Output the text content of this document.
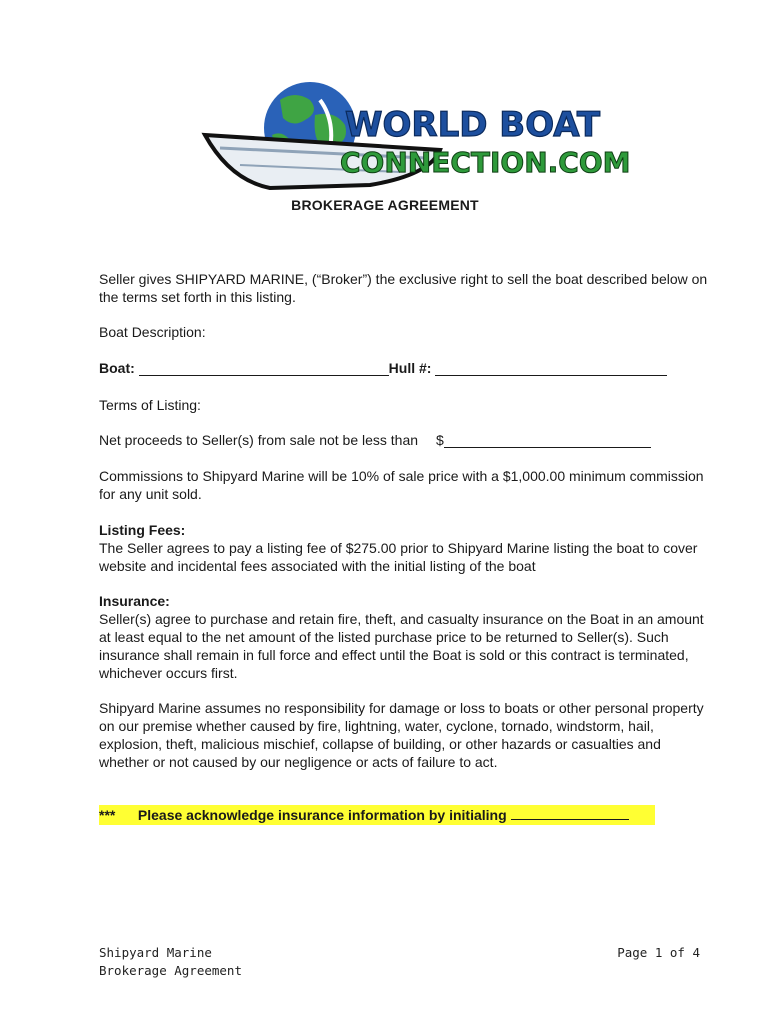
WORLD BOAT
CONNECTION.COM
BROKERAGE AGREEMENT

Seller gives SHIPYARD MARINE, (“Broker”) the exclusive right to sell the boat described below on the terms set forth in this listing.

Boat Description:

Boat:	Hull #:

Terms of Listing:

Net proceeds to Seller(s) from sale not be less than $

Commissions to Shipyard Marine will be 10% of sale price with a $1,000.00 minimum commission for any unit sold.

Listing Fees:
The Seller agrees to pay a listing fee of $275.00 prior to Shipyard Marine listing the boat to cover website and incidental fees associated with the initial listing of the boat

Insurance:
Seller(s) agree to purchase and retain fire, theft, and casualty insurance on the Boat in an amount at least equal to the net amount of the listed purchase price to be returned to Seller(s). Such insurance shall remain in full force and effect until the Boat is sold or this contract is terminated, whichever occurs first.

Shipyard Marine assumes no responsibility for damage or loss to boats or other personal property on our premise whether caused by fire, lightning, water, cyclone, tornado, windstorm, hail, explosion, theft, malicious mischief, collapse of building, or other hazards or casualties and whether or not caused by our negligence or acts of failure to act.

*** Please acknowledge insurance information by initialing
Shipyard Marine
Brokerage Agreement
Page 1 of 4
